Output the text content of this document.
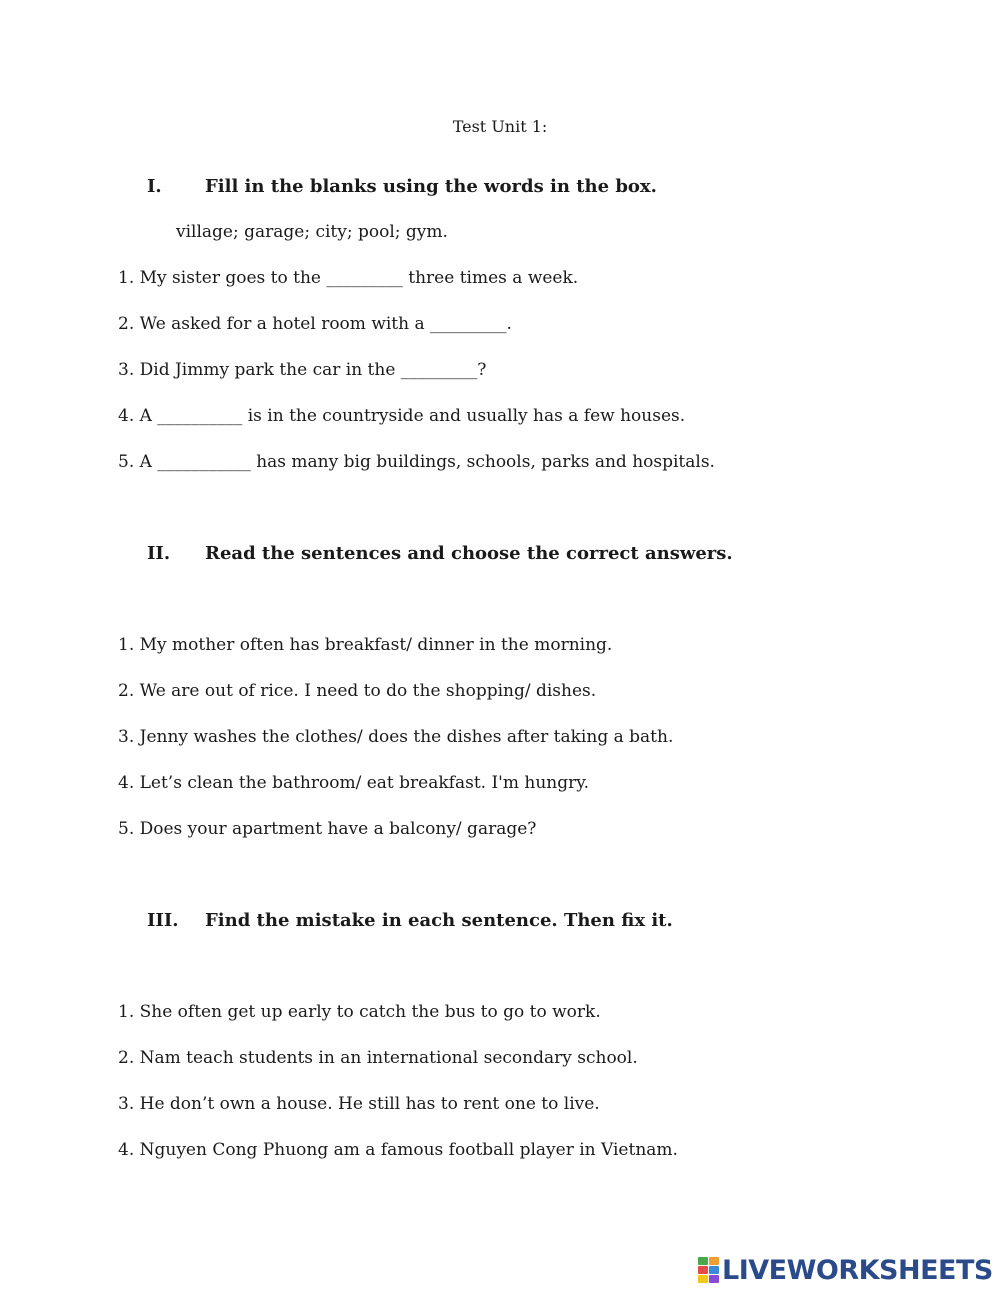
Test Unit 1:
I. Fill in the blanks using the words in the box.
village; garage; city; pool; gym.
1. My sister goes to the _________ three times a week.
2. We asked for a hotel room with a _________.
3. Did Jimmy park the car in the _________?
4. A __________ is in the countryside and usually has a few houses.
5. A ___________ has many big buildings, schools, parks and hospitals.
II. Read the sentences and choose the correct answers.
1. My mother often has breakfast/ dinner in the morning.
2. We are out of rice. I need to do the shopping/ dishes.
3. Jenny washes the clothes/ does the dishes after taking a bath.
4. Let’s clean the bathroom/ eat breakfast. I'm hungry.
5. Does your apartment have a balcony/ garage?
III. Find the mistake in each sentence. Then fix it.
1. She often get up early to catch the bus to go to work.
2. Nam teach students in an international secondary school.
3. He don’t own a house. He still has to rent one to live.
4. Nguyen Cong Phuong am a famous football player in Vietnam.
LIVEWORKSHEETS
